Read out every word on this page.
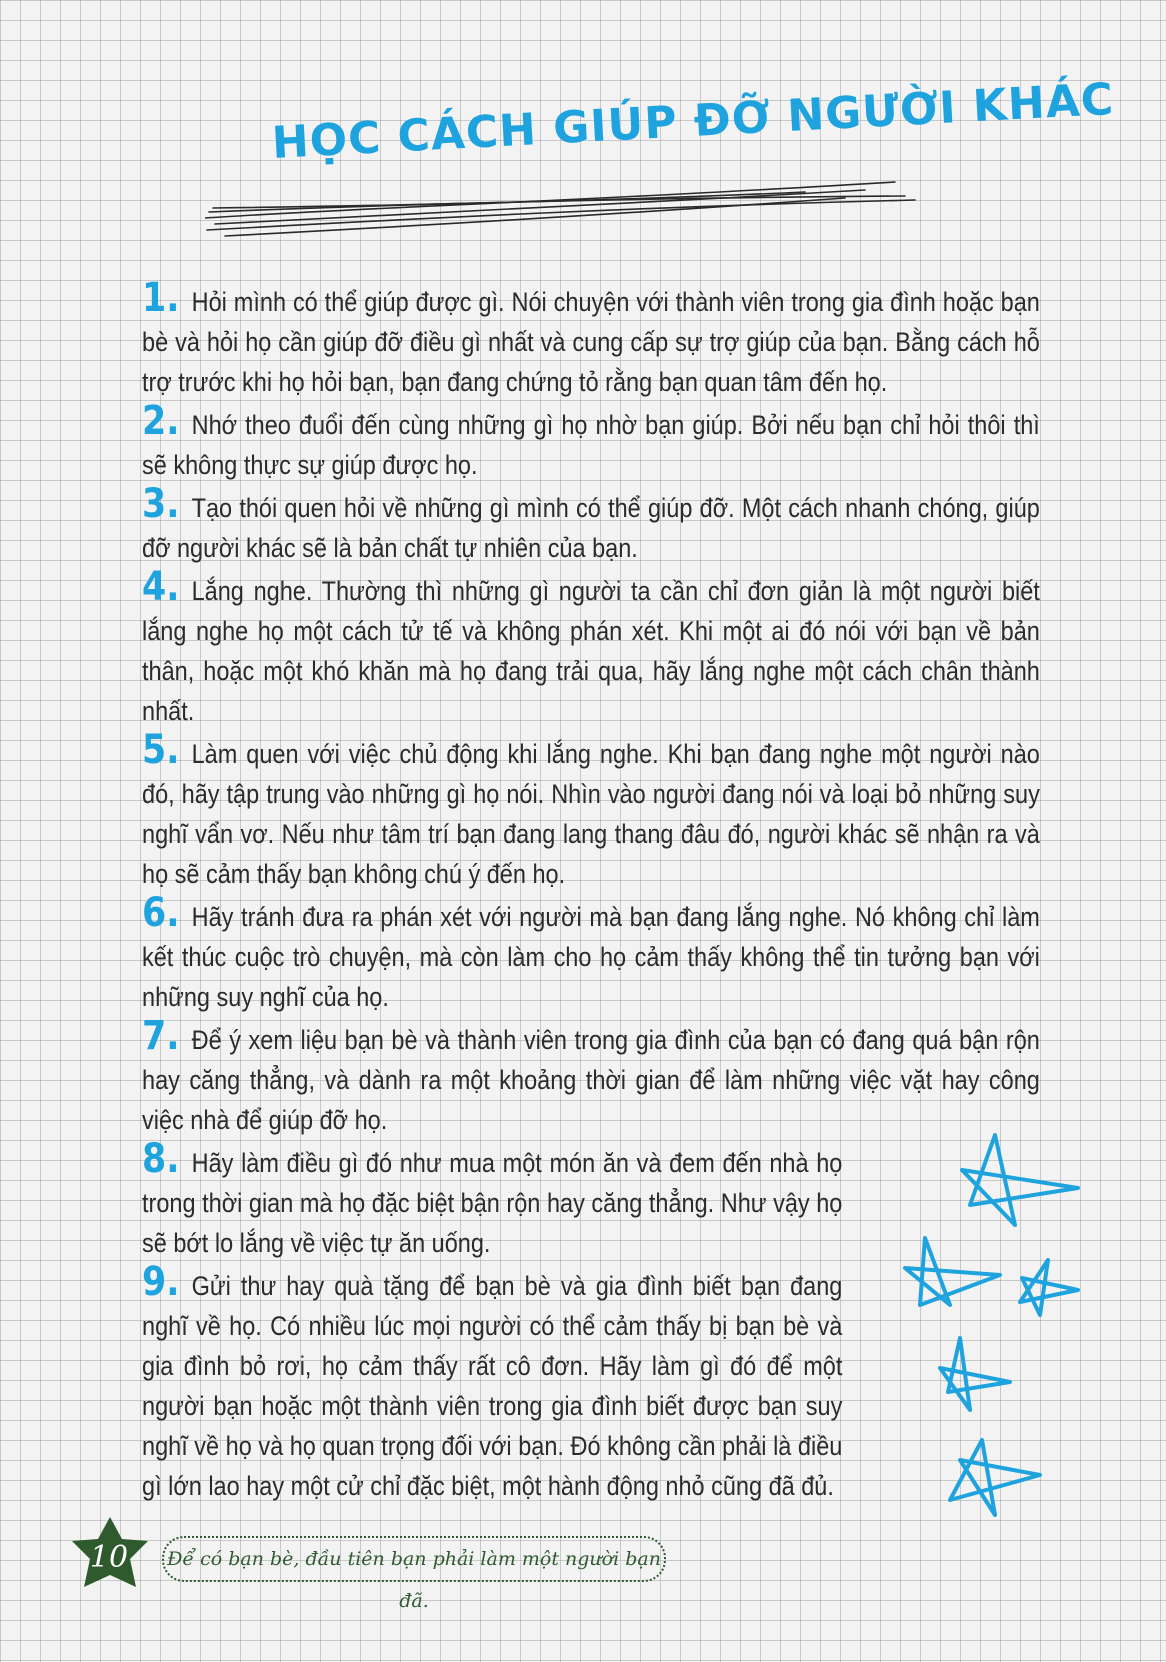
HỌC CÁCH GIÚP ĐỠ NGƯỜI KHÁC

1. Hỏi mình có thể giúp được gì. Nói chuyện với thành viên trong gia đình hoặc bạn bè và hỏi họ cần giúp đỡ điều gì nhất và cung cấp sự trợ giúp của bạn. Bằng cách hỗ trợ trước khi họ hỏi bạn, bạn đang chứng tỏ rằng bạn quan tâm đến họ.

2. Nhớ theo đuổi đến cùng những gì họ nhờ bạn giúp. Bởi nếu bạn chỉ hỏi thôi thì sẽ không thực sự giúp được họ.

3. Tạo thói quen hỏi về những gì mình có thể giúp đỡ. Một cách nhanh chóng, giúp đỡ người khác sẽ là bản chất tự nhiên của bạn.

4. Lắng nghe. Thường thì những gì người ta cần chỉ đơn giản là một người biết lắng nghe họ một cách tử tế và không phán xét. Khi một ai đó nói với bạn về bản thân, hoặc một khó khăn mà họ đang trải qua, hãy lắng nghe một cách chân thành nhất.

5. Làm quen với việc chủ động khi lắng nghe. Khi bạn đang nghe một người nào đó, hãy tập trung vào những gì họ nói. Nhìn vào người đang nói và loại bỏ những suy nghĩ vẩn vơ. Nếu như tâm trí bạn đang lang thang đâu đó, người khác sẽ nhận ra và họ sẽ cảm thấy bạn không chú ý đến họ.

6. Hãy tránh đưa ra phán xét với người mà bạn đang lắng nghe. Nó không chỉ làm kết thúc cuộc trò chuyện, mà còn làm cho họ cảm thấy không thể tin tưởng bạn với những suy nghĩ của họ.

7. Để ý xem liệu bạn bè và thành viên trong gia đình của bạn có đang quá bận rộn hay căng thẳng, và dành ra một khoảng thời gian để làm những việc vặt hay công việc nhà để giúp đỡ họ.

8. Hãy làm điều gì đó như mua một món ăn và đem đến nhà họ trong thời gian mà họ đặc biệt bận rộn hay căng thẳng. Như vậy họ sẽ bớt lo lắng về việc tự ăn uống.

9. Gửi thư hay quà tặng để bạn bè và gia đình biết bạn đang nghĩ về họ. Có nhiều lúc mọi người có thể cảm thấy bị bạn bè và gia đình bỏ rơi, họ cảm thấy rất cô đơn. Hãy làm gì đó để một người bạn hoặc một thành viên trong gia đình biết được bạn suy nghĩ về họ và họ quan trọng đối với bạn. Đó không cần phải là điều gì lớn lao hay một cử chỉ đặc biệt, một hành động nhỏ cũng đã đủ.

10	Để có bạn bè, đầu tiên bạn phải làm một người bạn đã.
